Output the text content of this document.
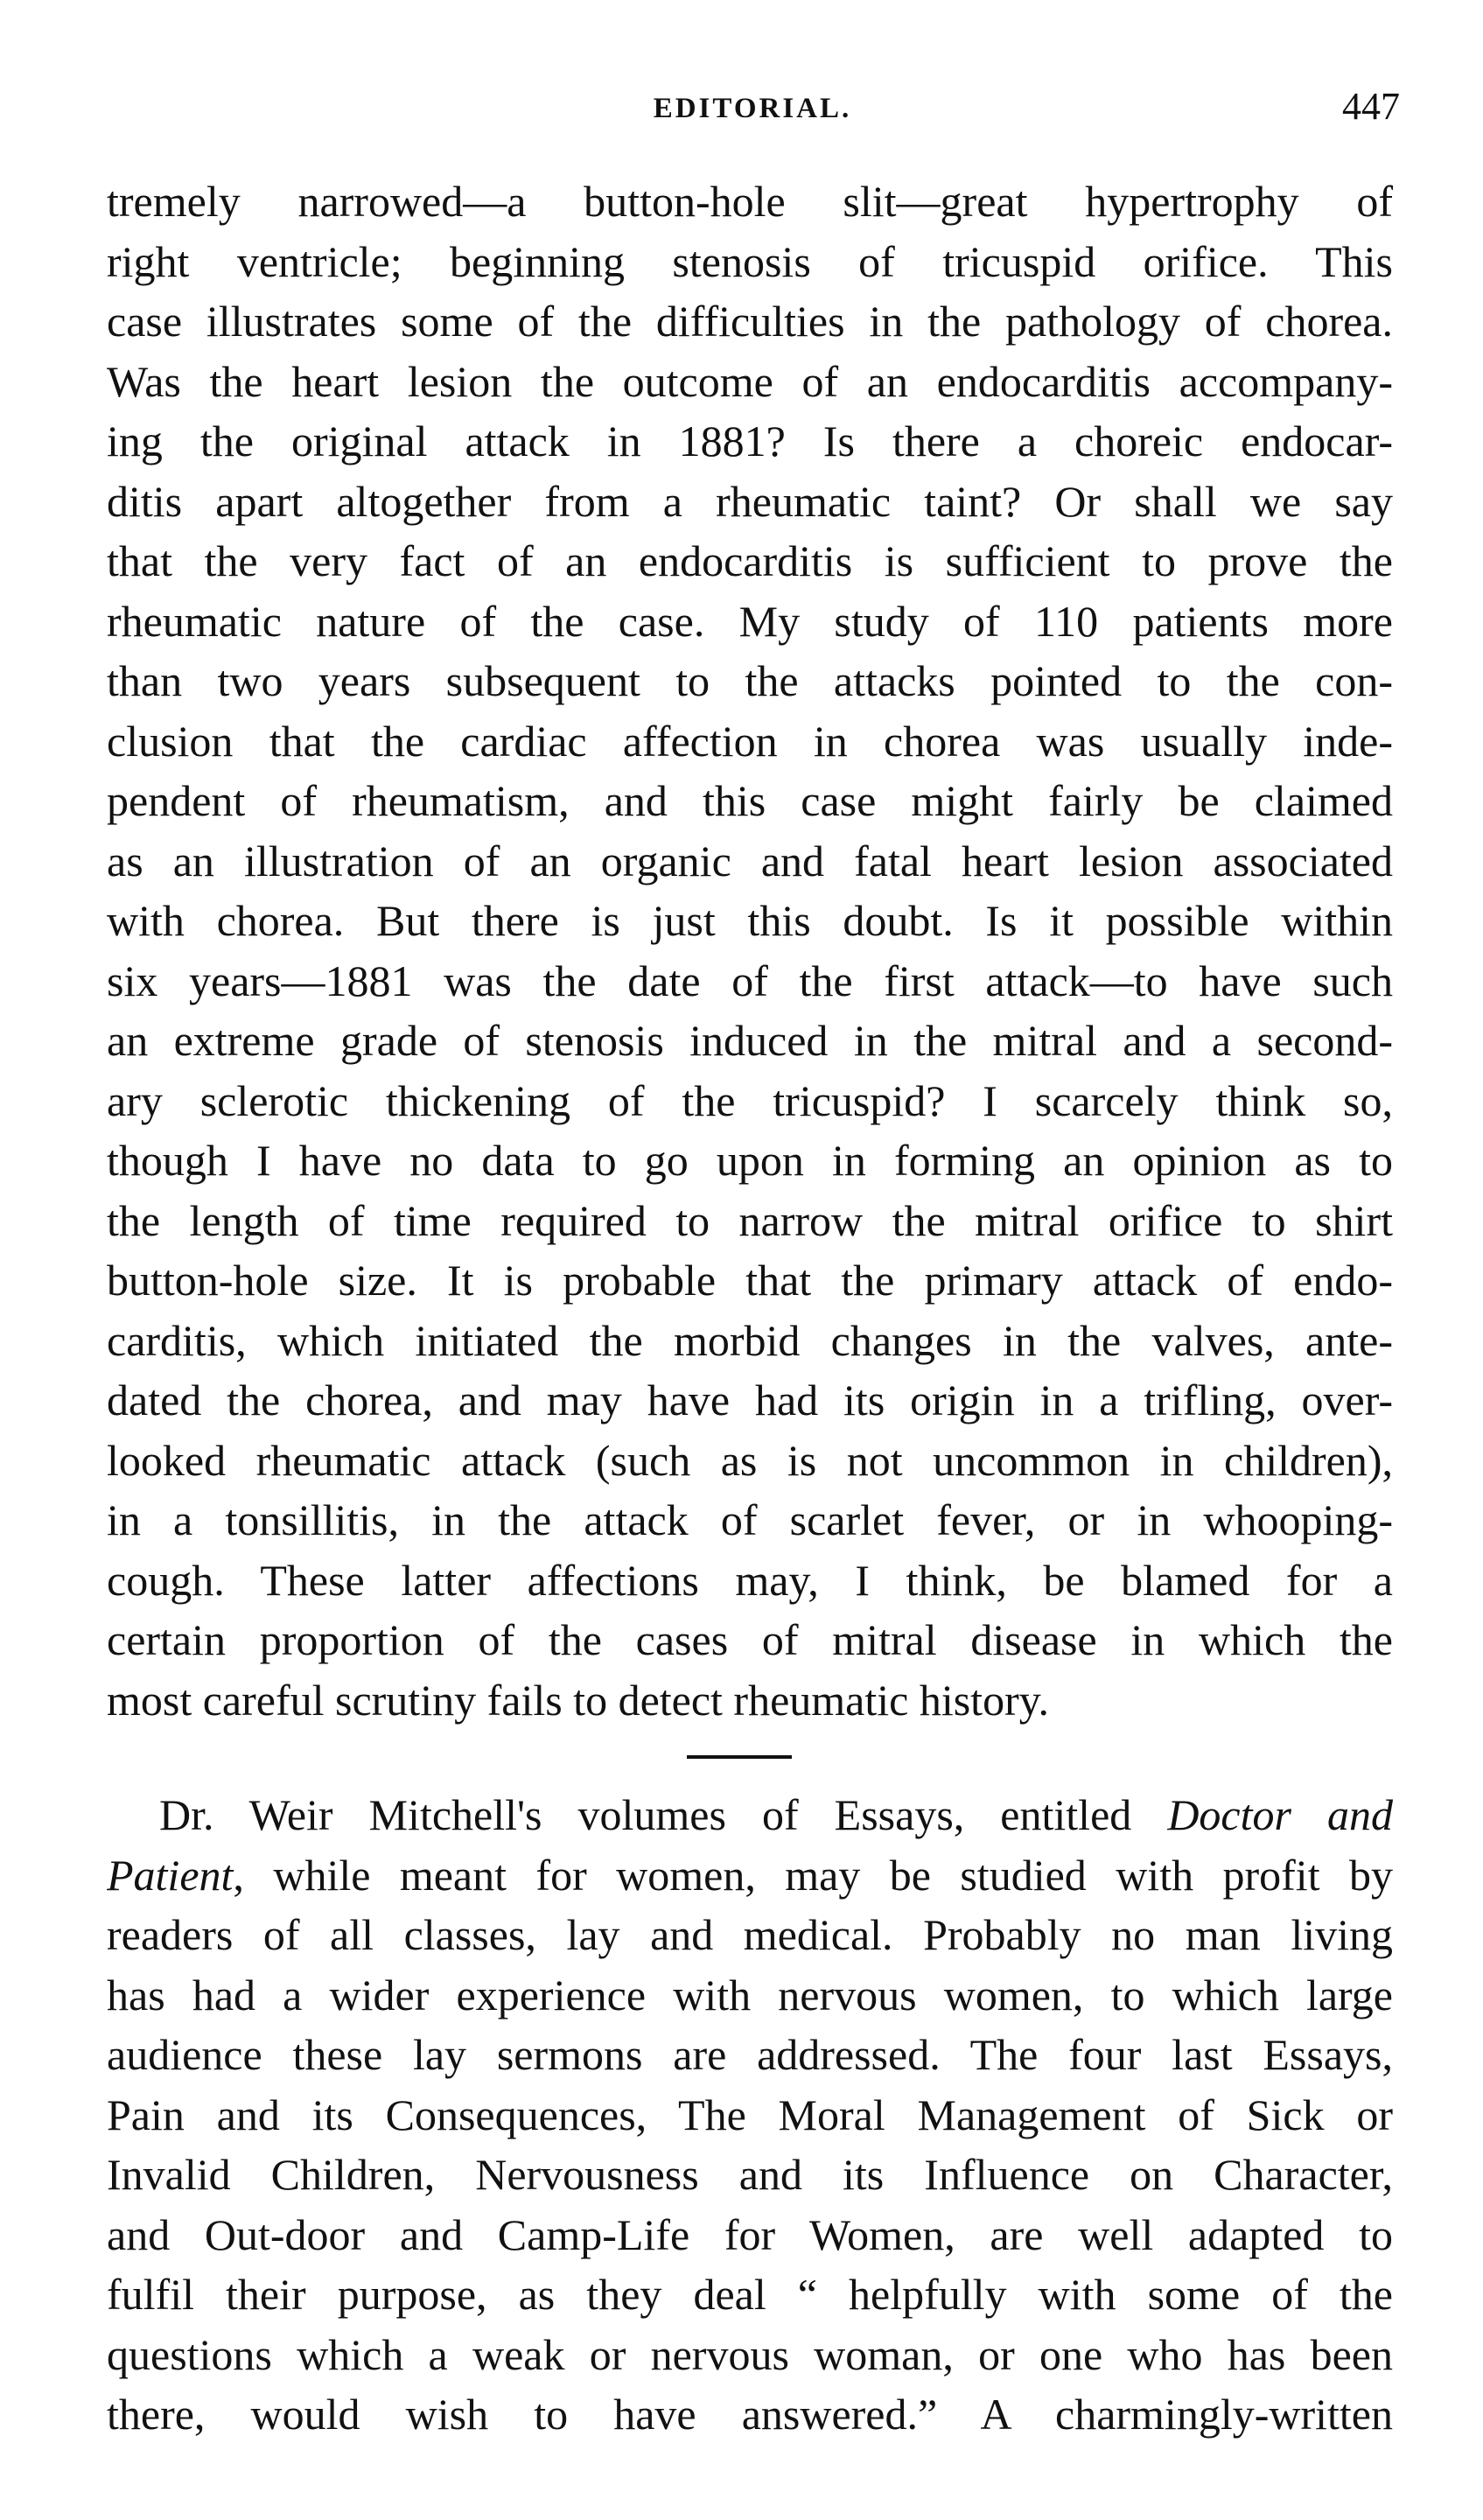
EDITORIAL.	447
tremely narrowed—a button-hole slit—great hypertrophy of
right ventricle; beginning stenosis of tricuspid orifice. This
case illustrates some of the difficulties in the pathology of chorea.
Was the heart lesion the outcome of an endocarditis accompany-
ing the original attack in 1881? Is there a choreic endocar-
ditis apart altogether from a rheumatic taint? Or shall we say
that the very fact of an endocarditis is sufficient to prove the
rheumatic nature of the case. My study of 110 patients more
than two years subsequent to the attacks pointed to the con-
clusion that the cardiac affection in chorea was usually inde-
pendent of rheumatism, and this case might fairly be claimed
as an illustration of an organic and fatal heart lesion associated
with chorea. But there is just this doubt. Is it possible within
six years—1881 was the date of the first attack—to have such
an extreme grade of stenosis induced in the mitral and a second-
ary sclerotic thickening of the tricuspid? I scarcely think so,
though I have no data to go upon in forming an opinion as to
the length of time required to narrow the mitral orifice to shirt
button-hole size. It is probable that the primary attack of endo-
carditis, which initiated the morbid changes in the valves, ante-
dated the chorea, and may have had its origin in a trifling, over-
looked rheumatic attack (such as is not uncommon in children),
in a tonsillitis, in the attack of scarlet fever, or in whooping-
cough. These latter affections may, I think, be blamed for a
certain proportion of the cases of mitral disease in which the
most careful scrutiny fails to detect rheumatic history.
Dr. Weir Mitchell's volumes of Essays, entitled Doctor and
Patient, while meant for women, may be studied with profit by
readers of all classes, lay and medical. Probably no man living
has had a wider experience with nervous women, to which large
audience these lay sermons are addressed. The four last Essays,
Pain and its Consequences, The Moral Management of Sick or
Invalid Children, Nervousness and its Influence on Character,
and Out-door and Camp-Life for Women, are well adapted to
fulfil their purpose, as they deal “ helpfully with some of the
questions which a weak or nervous woman, or one who has been
there, would wish to have answered.” A charmingly-written
